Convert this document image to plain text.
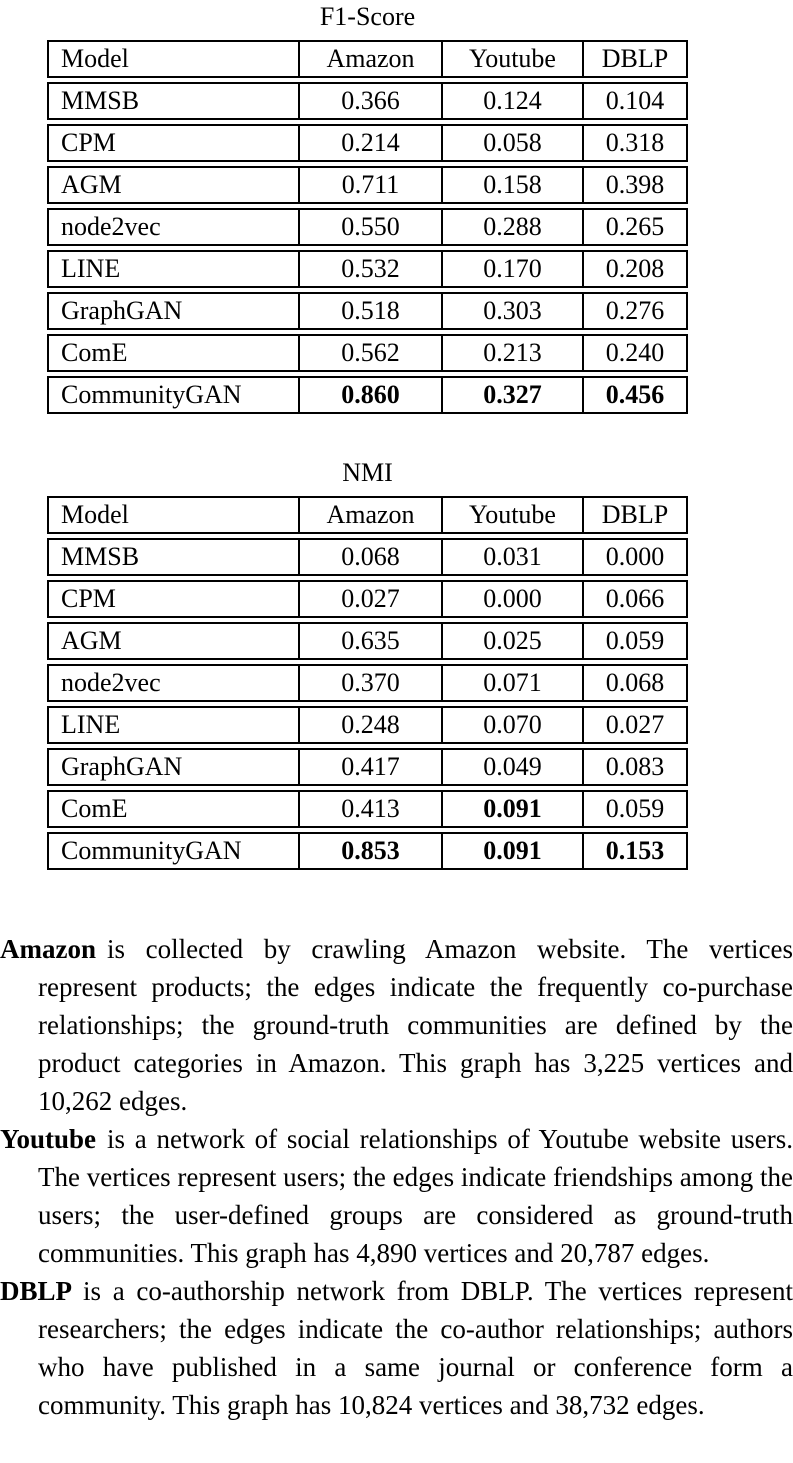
F1-Score
Model	Amazon	Youtube	DBLP
MMSB	0.366	0.124	0.104
CPM	0.214	0.058	0.318
AGM	0.711	0.158	0.398
node2vec	0.550	0.288	0.265
LINE	0.532	0.170	0.208
GraphGAN	0.518	0.303	0.276
ComE	0.562	0.213	0.240
CommunityGAN	0.860	0.327	0.456
NMI
Model	Amazon	Youtube	DBLP
MMSB	0.068	0.031	0.000
CPM	0.027	0.000	0.066
AGM	0.635	0.025	0.059
node2vec	0.370	0.071	0.068
LINE	0.248	0.070	0.027
GraphGAN	0.417	0.049	0.083
ComE	0.413	0.091	0.059
CommunityGAN	0.853	0.091	0.153
Amazon is collected by crawling Amazon website. The vertices represent products; the edges indicate the frequently co-purchase relationships; the ground-truth communities are defined by the product categories in Amazon. This graph has 3,225 vertices and 10,262 edges.
Youtube is a network of social relationships of Youtube website users. The vertices represent users; the edges indicate friendships among the users; the user-defined groups are considered as ground-truth communities. This graph has 4,890 vertices and 20,787 edges.
DBLP is a co-authorship network from DBLP. The vertices represent researchers; the edges indicate the co-author relationships; authors who have published in a same journal or conference form a community. This graph has 10,824 vertices and 38,732 edges.
